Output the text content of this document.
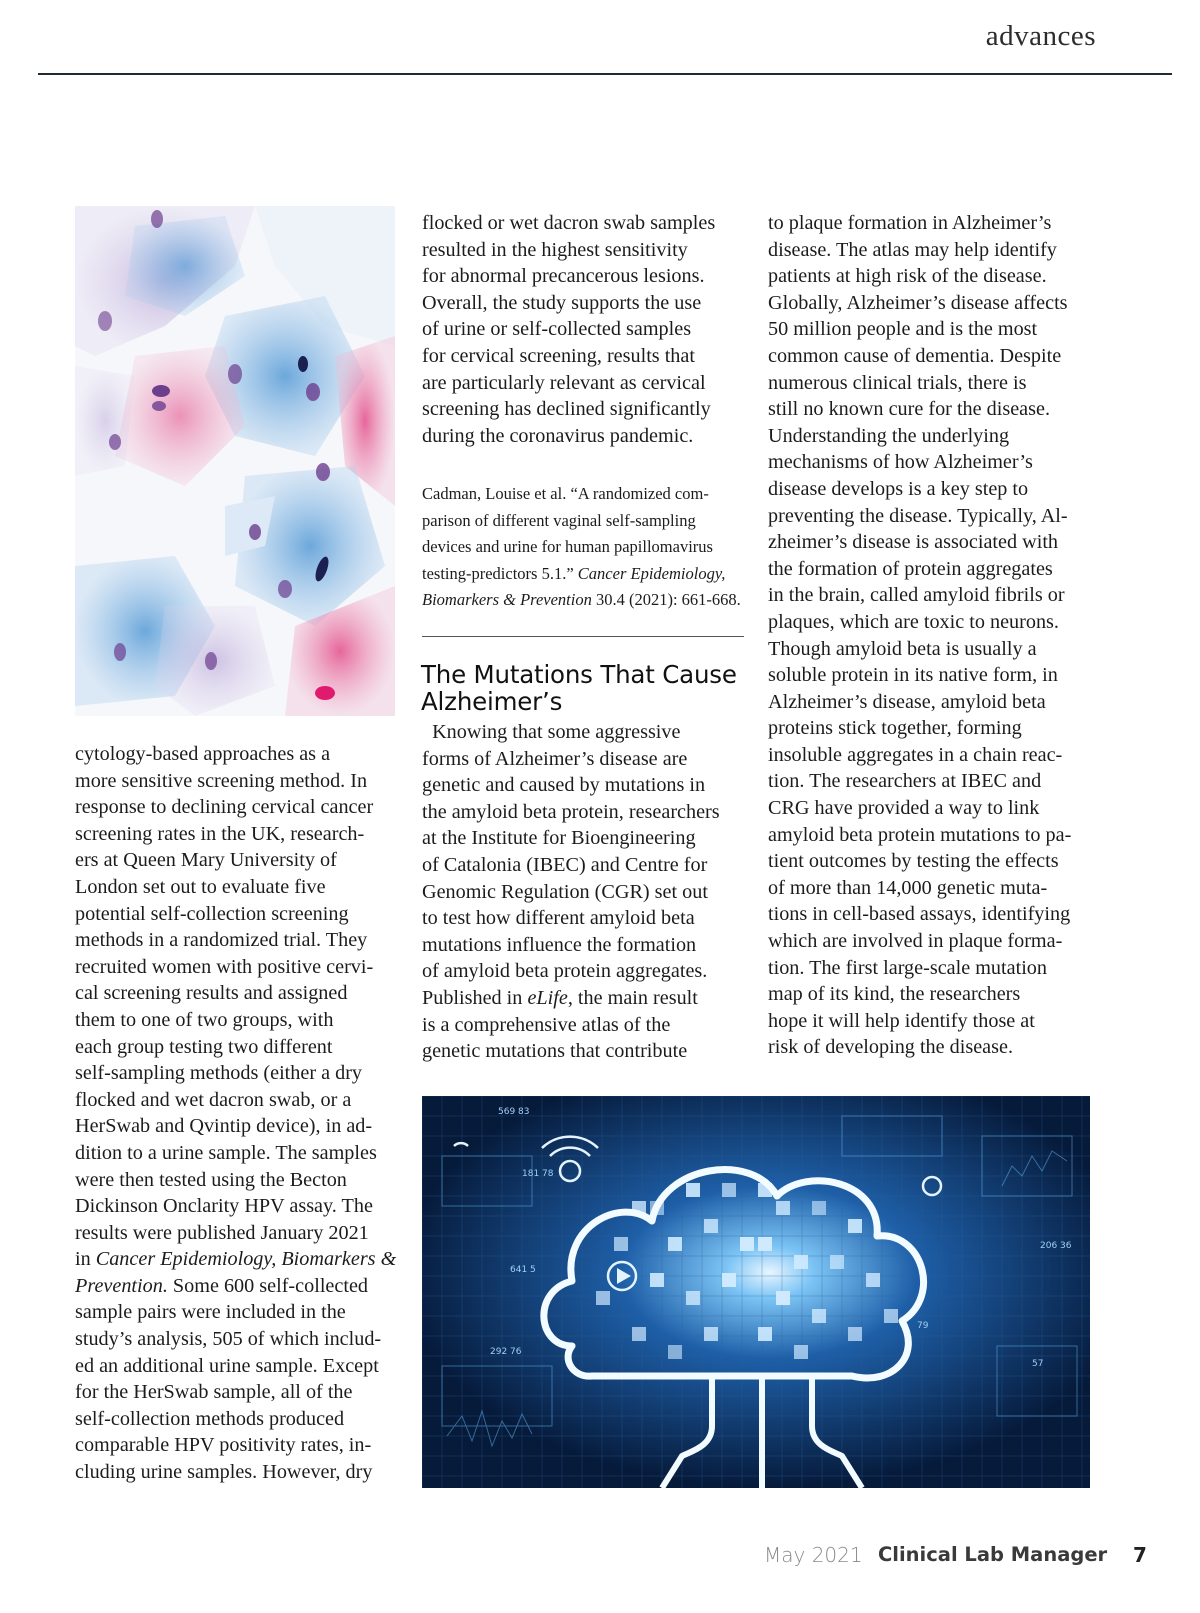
advances
cytology-based approaches as a
more sensitive screening method. In
response to declining cervical cancer
screening rates in the UK, research-
ers at Queen Mary University of
London set out to evaluate five
potential self-collection screening
methods in a randomized trial. They
recruited women with positive cervi-
cal screening results and assigned
them to one of two groups, with
each group testing two different
self-sampling methods (either a dry
flocked and wet dacron swab, or a
HerSwab and Qvintip device), in ad-
dition to a urine sample. The samples
were then tested using the Becton
Dickinson Onclarity HPV assay. The
results were published January 2021
in Cancer Epidemiology, Biomarkers &
Prevention. Some 600 self-collected
sample pairs were included in the
study’s analysis, 505 of which includ-
ed an additional urine sample. Except
for the HerSwab sample, all of the
self-collection methods produced
comparable HPV positivity rates, in-
cluding urine samples. However, dry
flocked or wet dacron swab samples
resulted in the highest sensitivity
for abnormal precancerous lesions.
Overall, the study supports the use
of urine or self-collected samples
for cervical screening, results that
are particularly relevant as cervical
screening has declined significantly
during the coronavirus pandemic.
Cadman, Louise et al. “A randomized com-
parison of different vaginal self-sampling
devices and urine for human papillomavirus
testing-predictors 5.1.” Cancer Epidemiology,
Biomarkers & Prevention 30.4 (2021): 661-668.
The Mutations That Cause
Alzheimer’s
Knowing that some aggressive
forms of Alzheimer’s disease are
genetic and caused by mutations in
the amyloid beta protein, researchers
at the Institute for Bioengineering
of Catalonia (IBEC) and Centre for
Genomic Regulation (CGR) set out
to test how different amyloid beta
mutations influence the formation
of amyloid beta protein aggregates.
Published in eLife, the main result
is a comprehensive atlas of the
genetic mutations that contribute
to plaque formation in Alzheimer’s
disease. The atlas may help identify
patients at high risk of the disease.
Globally, Alzheimer’s disease affects
50 million people and is the most
common cause of dementia. Despite
numerous clinical trials, there is
still no known cure for the disease.
Understanding the underlying
mechanisms of how Alzheimer’s
disease develops is a key step to
preventing the disease. Typically, Al-
zheimer’s disease is associated with
the formation of protein aggregates
in the brain, called amyloid fibrils or
plaques, which are toxic to neurons.
Though amyloid beta is usually a
soluble protein in its native form, in
Alzheimer’s disease, amyloid beta
proteins stick together, forming
insoluble aggregates in a chain reac-
tion. The researchers at IBEC and
CRG have provided a way to link
amyloid beta protein mutations to pa-
tient outcomes by testing the effects
of more than 14,000 genetic muta-
tions in cell-based assays, identifying
which are involved in plaque forma-
tion. The first large-scale mutation
map of its kind, the researchers
hope it will help identify those at
risk of developing the disease.
569 83
181 78
641 5
292 76
206 36
79
57
May 2021 Clinical Lab Manager 7
